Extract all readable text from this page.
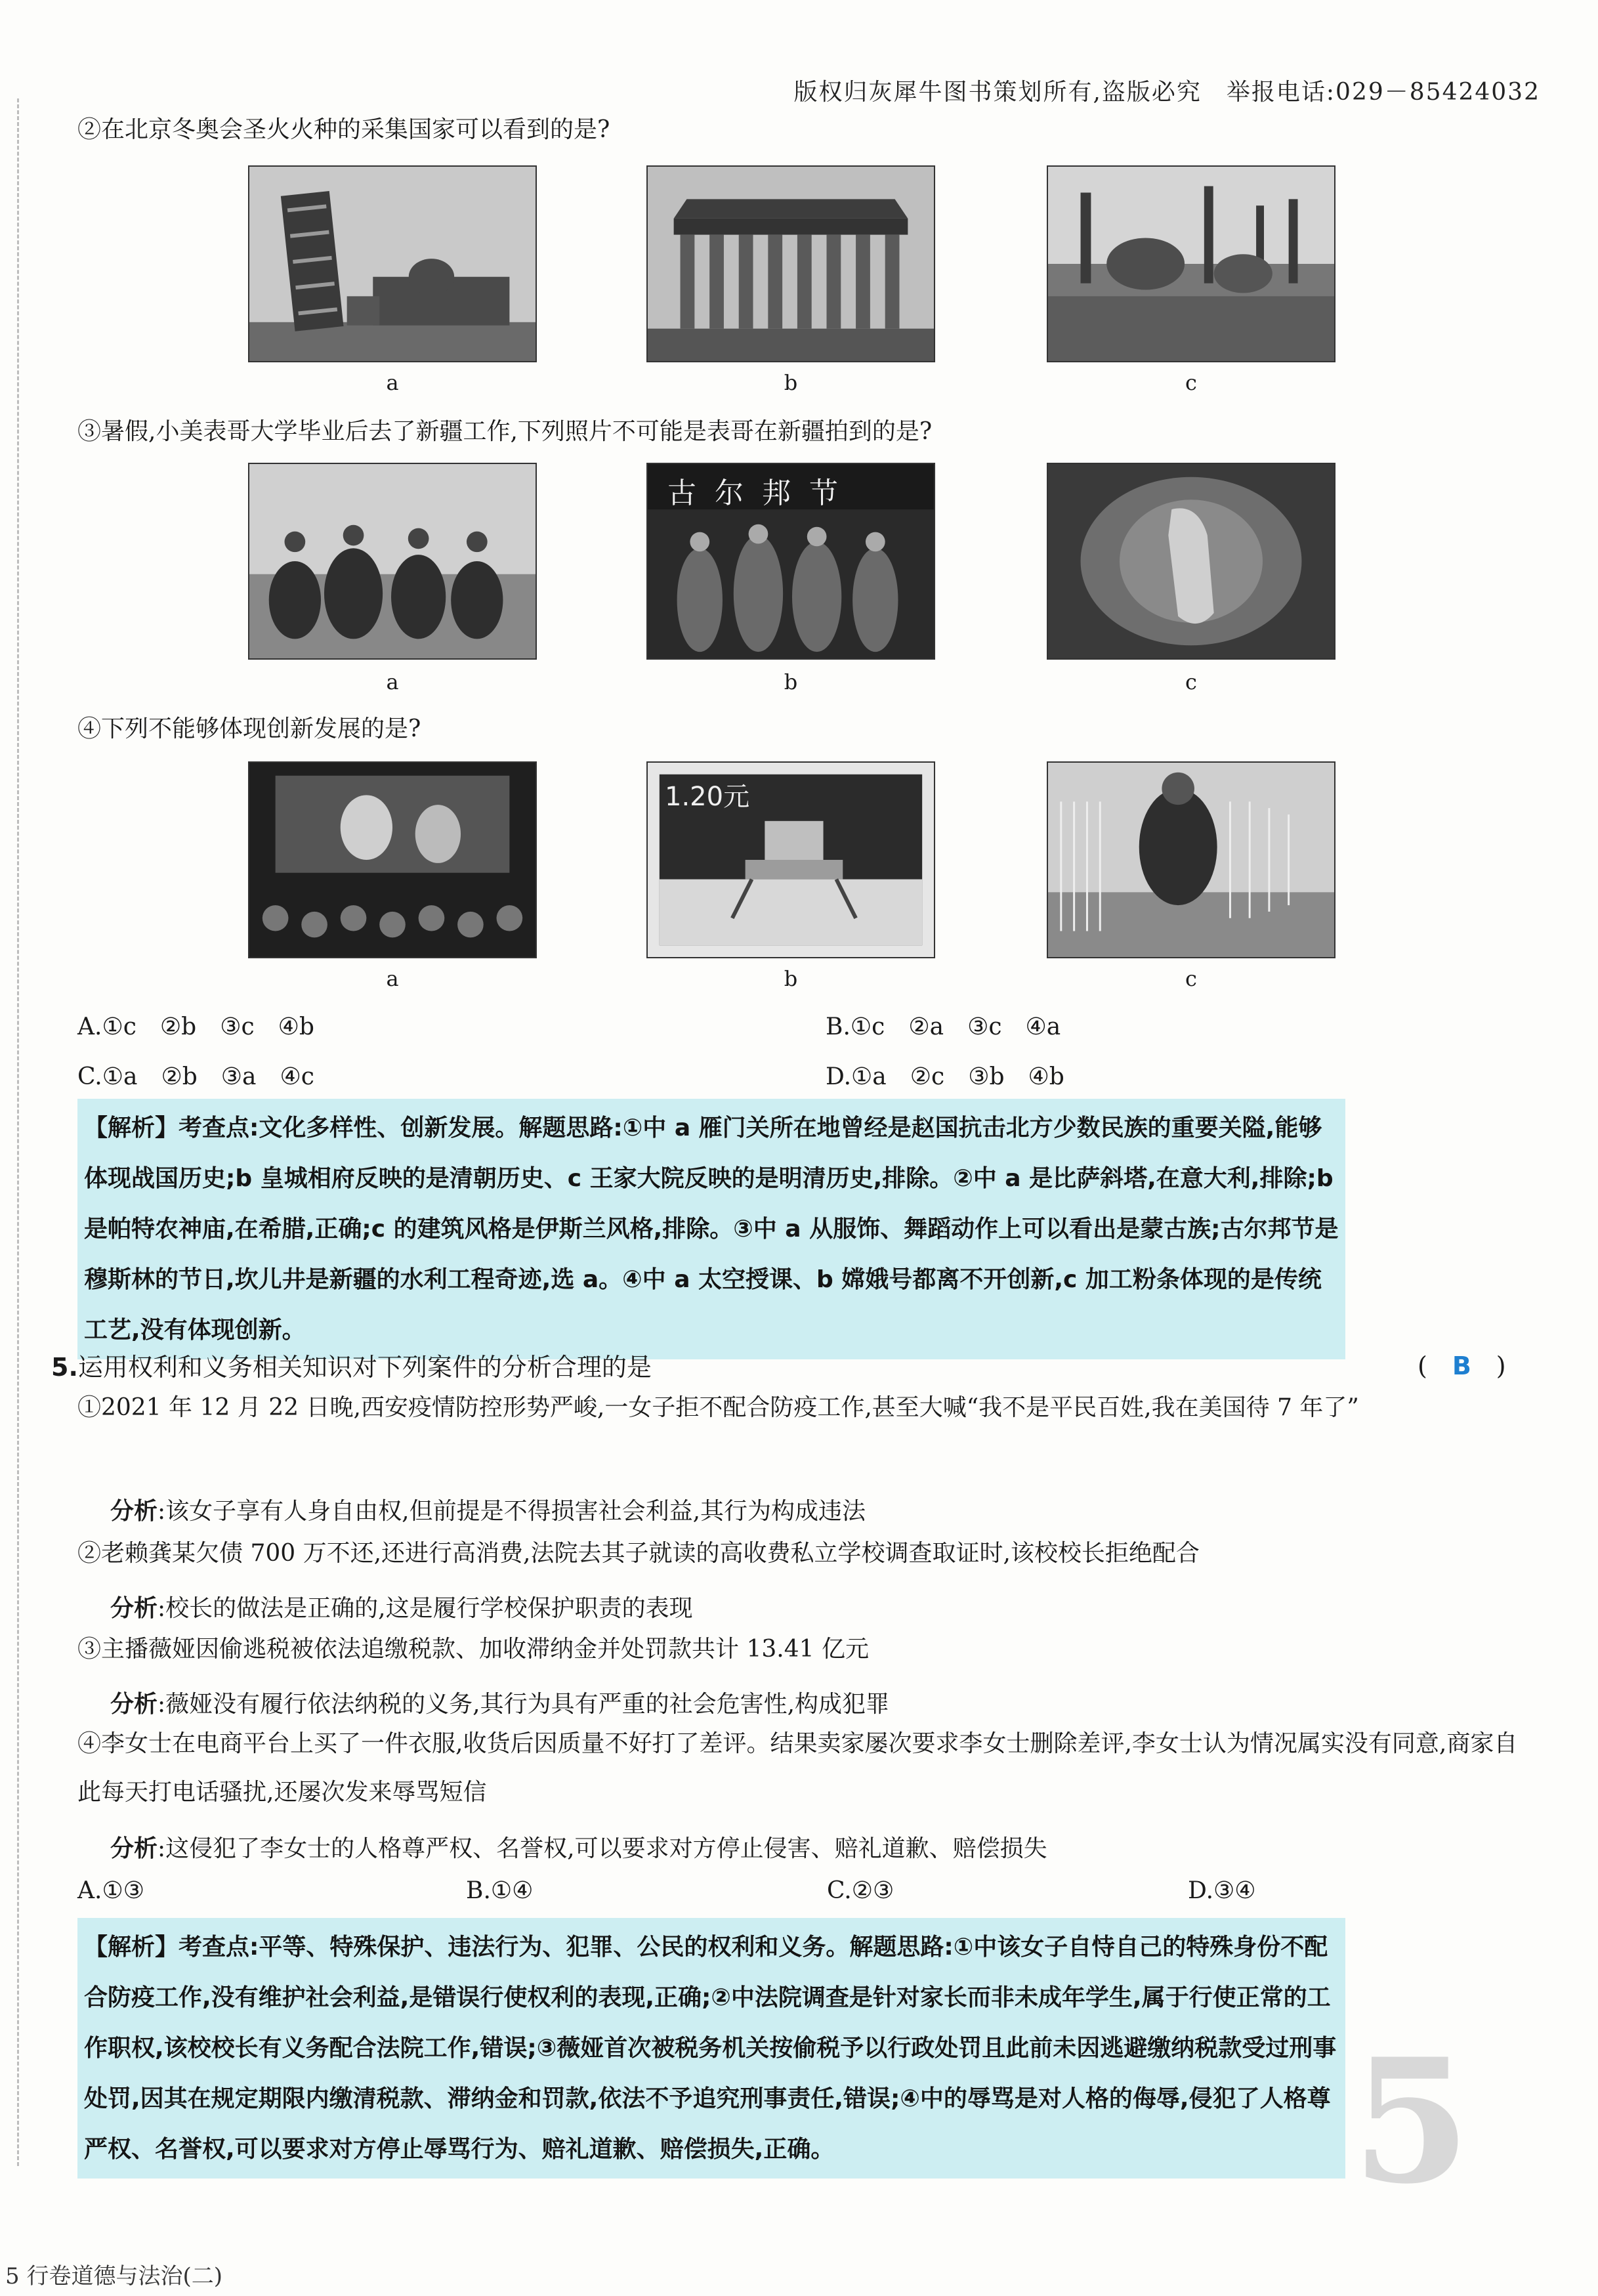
版权归灰犀牛图书策划所有,盗版必究　举报电话:029－85424032
②在北京冬奥会圣火火种的采集国家可以看到的是?
a	b	c
③暑假,小美表哥大学毕业后去了新疆工作,下列照片不可能是表哥在新疆拍到的是?
古尔邦节
a	b	c
④下列不能够体现创新发展的是?
1.20元
a	b	c
A.①c　②b　③c　④b	B.①c　②a　③c　④a
C.①a　②b　③a　④c	D.①a　②c　③b　④b
【解析】考查点:文化多样性、创新发展。解题思路:①中 a 雁门关所在地曾经是赵国抗击北方少数民族的重要关隘,能够体现战国历史;b 皇城相府反映的是清朝历史、c 王家大院反映的是明清历史,排除。②中 a 是比萨斜塔,在意大利,排除;b 是帕特农神庙,在希腊,正确;c 的建筑风格是伊斯兰风格,排除。③中 a 从服饰、舞蹈动作上可以看出是蒙古族;古尔邦节是穆斯林的节日,坎儿井是新疆的水利工程奇迹,选 a。④中 a 太空授课、b 嫦娥号都离不开创新,c 加工粉条体现的是传统工艺,没有体现创新。
5.运用权利和义务相关知识对下列案件的分析合理的是	(　B　)
①2021 年 12 月 22 日晚,西安疫情防控形势严峻,一女子拒不配合防疫工作,甚至大喊“我不是平民百姓,我在美国待 7 年了”
分析:该女子享有人身自由权,但前提是不得损害社会利益,其行为构成违法
②老赖龚某欠债 700 万不还,还进行高消费,法院去其子就读的高收费私立学校调查取证时,该校校长拒绝配合
分析:校长的做法是正确的,这是履行学校保护职责的表现
③主播薇娅因偷逃税被依法追缴税款、加收滞纳金并处罚款共计 13.41 亿元
分析:薇娅没有履行依法纳税的义务,其行为具有严重的社会危害性,构成犯罪
④李女士在电商平台上买了一件衣服,收货后因质量不好打了差评。结果卖家屡次要求李女士删除差评,李女士认为情况属实没有同意,商家自此每天打电话骚扰,还屡次发来辱骂短信
分析:这侵犯了李女士的人格尊严权、名誉权,可以要求对方停止侵害、赔礼道歉、赔偿损失
A.①③	B.①④	C.②③	D.③④
【解析】考查点:平等、特殊保护、违法行为、犯罪、公民的权利和义务。解题思路:①中该女子自恃自己的特殊身份不配合防疫工作,没有维护社会利益,是错误行使权利的表现,正确;②中法院调查是针对家长而非未成年学生,属于行使正常的工作职权,该校校长有义务配合法院工作,错误;③薇娅首次被税务机关按偷税予以行政处罚且此前未因逃避缴纳税款受过刑事处罚,因其在规定期限内缴清税款、滞纳金和罚款,依法不予追究刑事责任,错误;④中的辱骂是对人格的侮辱,侵犯了人格尊严权、名誉权,可以要求对方停止辱骂行为、赔礼道歉、赔偿损失,正确。	5
5 行卷道德与法治(二)
